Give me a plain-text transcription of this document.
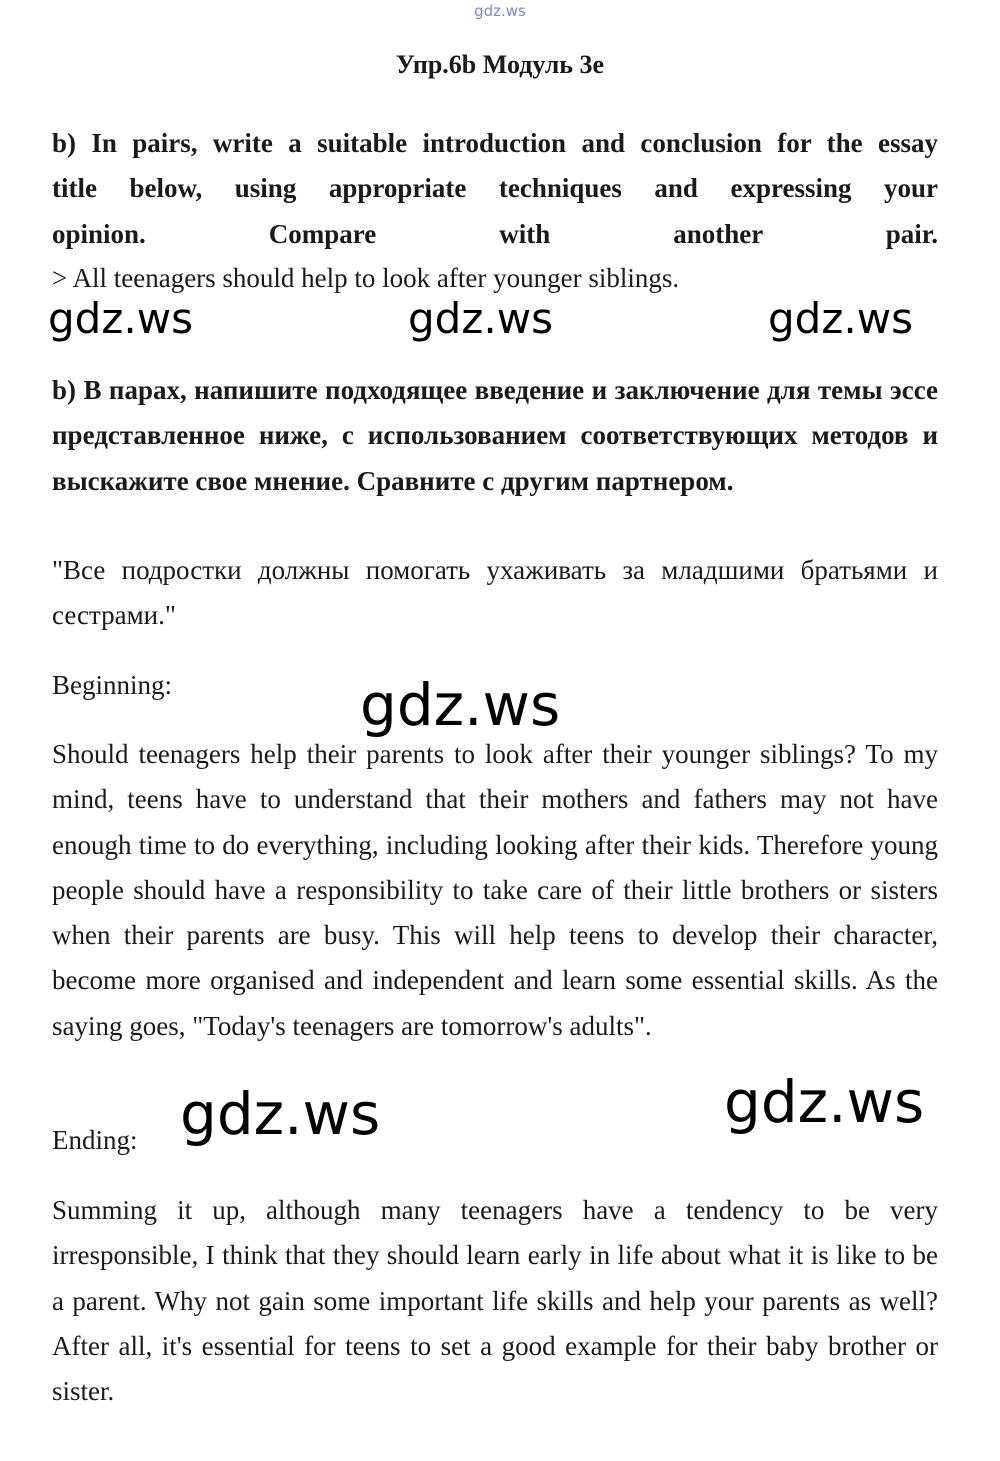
gdz.ws
Упр.6b Модуль 3e
b) In pairs, write a suitable introduction and conclusion for the essay
title below, using appropriate techniques and expressing your
opinion. Compare with another pair.
> All teenagers should help to look after younger siblings.
gdz.ws	gdz.ws	gdz.ws
b) В парах, напишите подходящее введение и заключение для темы эссе представленное ниже, с использованием соответствующих методов и выскажите свое мнение. Сравните с другим партнером.
"Все подростки должны помогать ухаживать за младшими братьями и сестрами."
Beginning:	gdz.ws
Should teenagers help their parents to look after their younger siblings? To my mind, teens have to understand that their mothers and fathers may not have enough time to do everything, including looking after their kids. Therefore young people should have a responsibility to take care of their little brothers or sisters when their parents are busy. This will help teens to develop their character, become more organised and independent and learn some essential skills. As the saying goes, "Today's teenagers are tomorrow's adults".
Ending: gdz.ws	gdz.ws
Summing it up, although many teenagers have a tendency to be very irresponsible, I think that they should learn early in life about what it is like to be a parent. Why not gain some important life skills and help your parents as well? After all, it's essential for teens to set a good example for their baby brother or sister.
